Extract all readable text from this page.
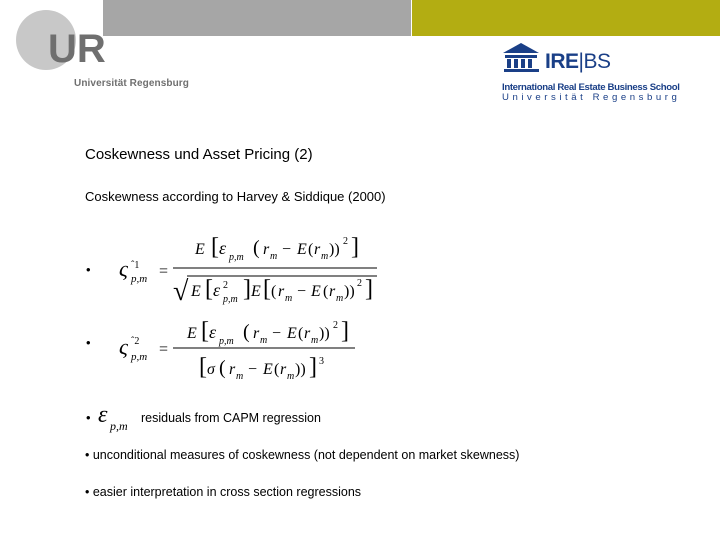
UR
Universität Regensburg
IRE|BS
International Real Estate Business School
Universität Regensburg
Coskewness und Asset Pricing (2)
Coskewness according to Harvey & Siddique (2000)
• ς ˆ1
p,m =
E [ ε p,m ( r m − E ( r m )) 2 ]
√ E [ ε 2
p,m ] E [ ( r m − E ( r m )) 2 ]
• ς ˆ2
p,m =
E [ ε p,m ( r m − E ( r m )) 2 ]
[ σ ( r m − E ( r m )) ] 3
• ε p,m
residuals from CAPM regression
• unconditional measures of coskewness (not dependent on market skewness)
• easier interpretation in cross section regressions
